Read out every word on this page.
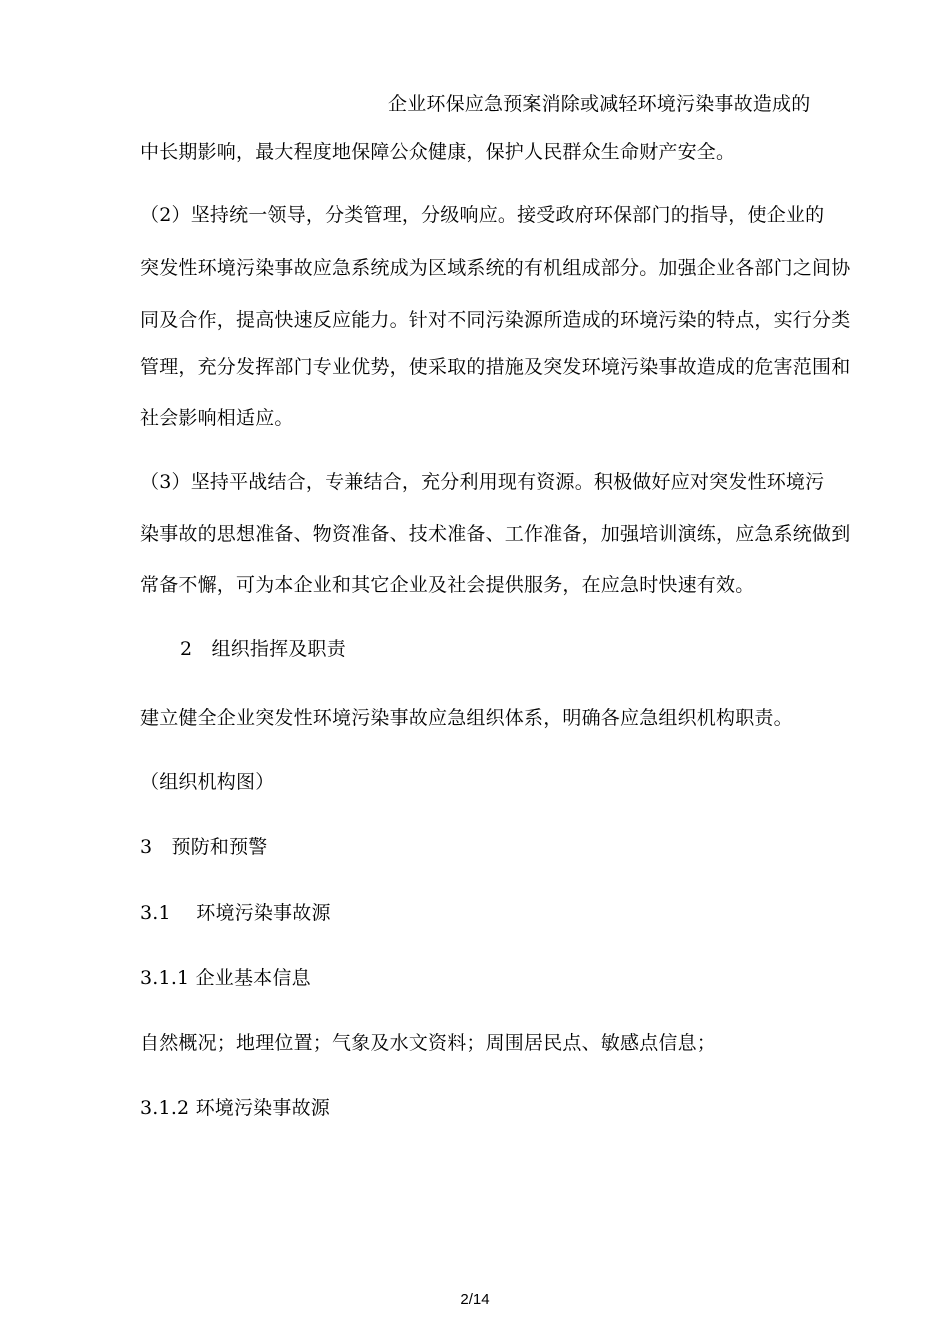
企业环保应急预案消除或减轻环境污染事故造成的
中长期影响，最大程度地保障公众健康，保护人民群众生命财产安全。
（2）坚持统一领导，分类管理，分级响应。接受政府环保部门的指导，使企业的
突发性环境污染事故应急系统成为区域系统的有机组成部分。加强企业各部门之间协
同及合作，提高快速反应能力。针对不同污染源所造成的环境污染的特点，实行分类
管理，充分发挥部门专业优势，使采取的措施及突发环境污染事故造成的危害范围和
社会影响相适应。
（3）坚持平战结合，专兼结合，充分利用现有资源。积极做好应对突发性环境污
染事故的思想准备、物资准备、技术准备、工作准备，加强培训演练，应急系统做到
常备不懈，可为本企业和其它企业及社会提供服务，在应急时快速有效。
2　组织指挥及职责
建立健全企业突发性环境污染事故应急组织体系，明确各应急组织机构职责。
（组织机构图）
3　预防和预警
3.1　 环境污染事故源
3.1.1 企业基本信息
自然概况；地理位置；气象及水文资料；周围居民点、敏感点信息；
3.1.2 环境污染事故源
2/14
